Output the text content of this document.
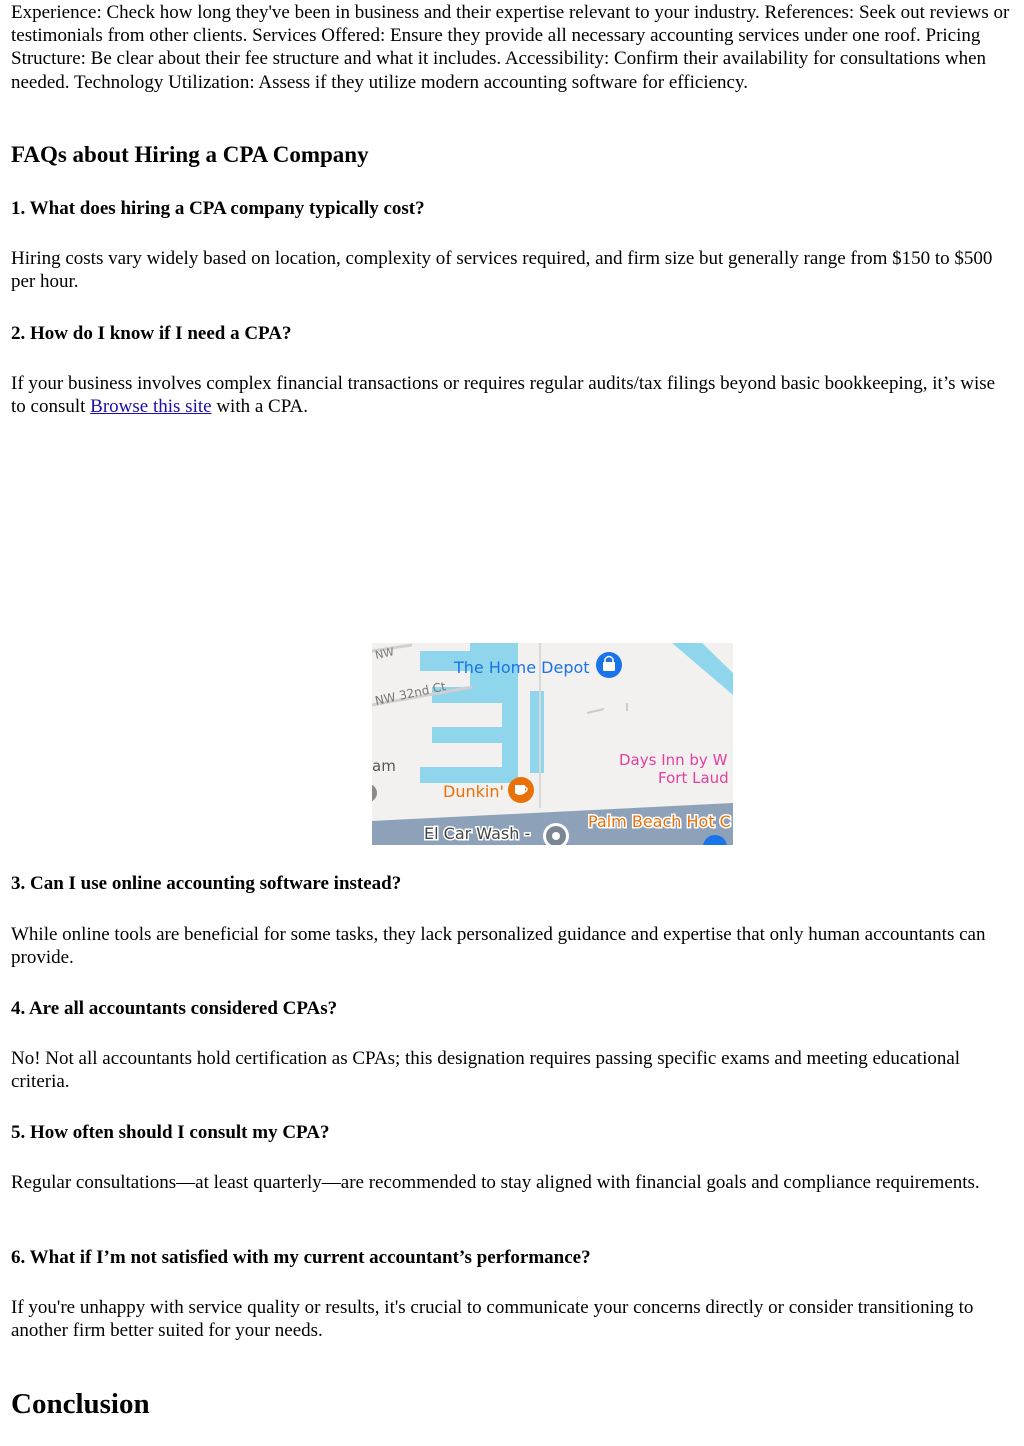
Experience: Check how long they've been in business and their expertise relevant to your industry. References: Seek out reviews or testimonials from other clients. Services Offered: Ensure they provide all necessary accounting services under one roof. Pricing Structure: Be clear about their fee structure and what it includes. Accessibility: Confirm their availability for consultations when needed. Technology Utilization: Assess if they utilize modern accounting software for efficiency.

FAQs about Hiring a CPA Company
1. What does hiring a CPA company typically cost?

Hiring costs vary widely based on location, complexity of services required, and firm size but generally range from $150 to $500 per hour.

2. How do I know if I need a CPA?

If your business involves complex financial transactions or requires regular audits/tax filings beyond basic bookkeeping, it’s wise to consult Browse this site with a CPA.

3. Can I use online accounting software instead?

While online tools are beneficial for some tasks, they lack personalized guidance and expertise that only human accountants can provide.

4. Are all accountants considered CPAs?

No! Not all accountants hold certification as CPAs; this designation requires passing specific exams and meeting educational criteria.

5. How often should I consult my CPA?

Regular consultations—at least quarterly—are recommended to stay aligned with financial goals and compliance requirements.

6. What if I’m not satisfied with my current accountant’s performance?

If you're unhappy with service quality or results, it's crucial to communicate your concerns directly or consider transitioning to another firm better suited for your needs.

Conclusion
NW
NW 32nd Ct
am
The Home Depot
Days Inn by W
Fort Laud
Dunkin'
Palm Beach Hot C
El Car Wash -
